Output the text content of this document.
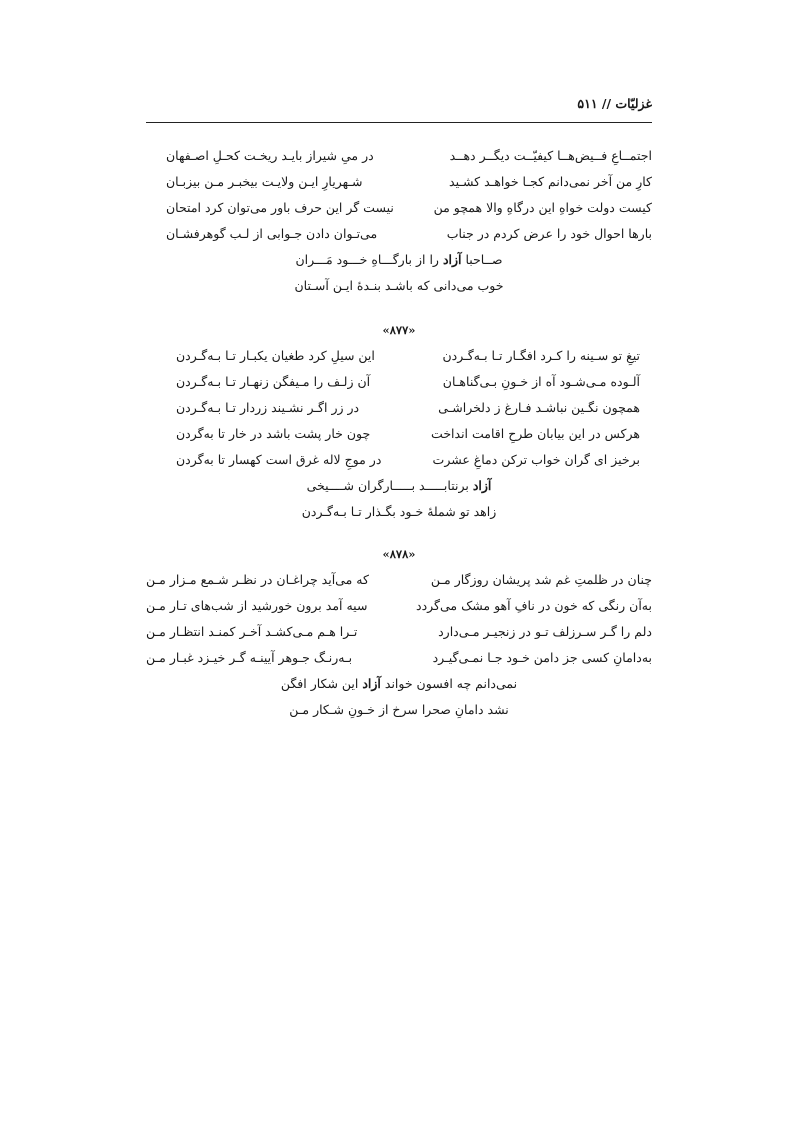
غزلیّات // ۵۱۱
اجتمــاعِ فــیض‌هــا کیفیّــت دیگــر دهــد
در میِ شیراز بایـد ریخـت کحـلِ اصـفهان
کارِ من آخر نمی‌دانم کجـا خواهـد کشـید
شـهریارِ ایـن ولایـت بیخبـر مـن بیزبـان
کیست دولت خواهِ این درگاهِ والا همچو من
نیست گر این حرف باور می‌توان کرد امتحان
بارها احوال خود را عرض کردم در جناب
می‌تـوان دادن جـوابی از لـب گوهرفشـان
صــاحبا آزاد را از بارگـــاهِ خـــود مَـــران
خوب می‌دانی که باشـد بنـدهٔ ایـن آسـتان
«۸۷۷»
تیغِ تو سـینه را کـرد افگـار تـا بـه‌گـردن
این سیلِ کرد طغیان یکبـار تـا بـه‌گـردن
آلـوده مـی‌شـود آه از خـونِ بـی‌گناهـان
آن زلـف را مـیفگن زنهـار تـا بـه‌گـردن
همچون نگـین نباشـد فـارغ ز دلخراشـی
در زر اگـر نشـیند زردار تـا بـه‌گـردن
هرکس در این بیابان طرحِ اقامت انداخت
چون خار پشت باشد در خار تا به‌گردن
برخیز ای گران خواب ترکن دماغِ عشرت
در موجِ لاله غرق است کهسار تا به‌گردن
آزاد برنتابـــــد بـــــارگران شــــیخی
زاهد تو شملهٔ خـود بگـذار تـا بـه‌گـردن
«۸۷۸»
چنان در ظلمتِ غم شد پریشان روزگار مـن
که می‌آید چراغـان در نظـر شـمع مـزار مـن
به‌آن رنگی که خون در نافِ آهو مشک می‌گردد
سیه آمد برون خورشید از شب‌های تـار مـن
دلم را گـر سـرزلف تـو در زنجیـر مـی‌دارد
تـرا هـم مـی‌کشـد آخـر کمنـد انتظـار مـن
به‌دامانِ کسی جز دامن خـود جـا نمـی‌گیـرد
بـه‌رنـگ جـوهر آیینـه گـر خیـزد غبـار مـن
نمی‌دانم چه افسون خواند آزاد این شکار افگن
نشد دامانِ صحرا سرخ از خـونِ شـکار مـن
